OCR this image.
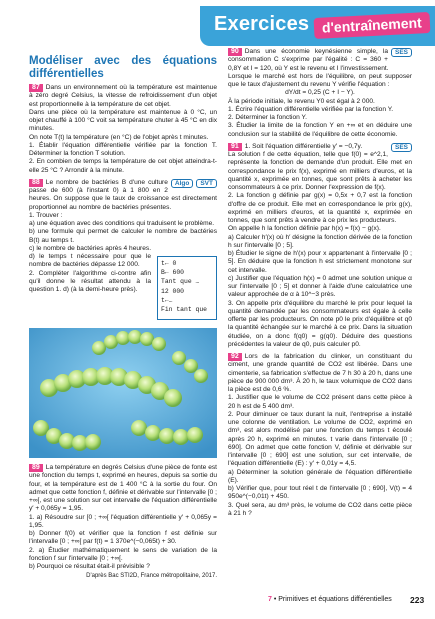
Exercices d'entraînement
Modéliser avec des équations différentielles

87 Dans un environnement où la température est maintenue à zéro degré Celsius, la vitesse de refroidissement d'un objet est proportionnelle à la température de cet objet.

Dans une pièce où la température est maintenue à 0 °C, un objet chauffé à 100 °C voit sa température chuter à 45 °C en dix minutes.

On note T(t) la température (en °C) de l'objet après t minutes.

1. Établir l'équation différentielle vérifiée par la fonction T. Déterminer la fonction T solution.

2. En combien de temps la température de cet objet atteindra-t-elle 25 °C ? Arrondir à la minute.

SVT
Algo
88 Le nombre de bactéries B d'une culture passe de 600 (à l'instant 0) à 1 800 en 2 heures. On suppose que le taux de croissance est directement proportionnel au nombre de bactéries présentes.

1. Trouver :

a) une équation avec des conditions qui traduisent le problème.

b) une formule qui permet de calculer le nombre de bactéries B(t) au temps t.

c) le nombre de bactéries après 4 heures.

t← 0
B← 600
Tant que …
12 000
t←…
Fin tant que

d) le temps t nécessaire pour que le nombre de bactéries dépasse 12 000.

2. Compléter l'algorithme ci-contre afin qu'il donne le résultat attendu à la question 1. d) (à la demi-heure près).

89 La température en degrés Celsius d'une pièce de fonte est une fonction du temps t, exprimé en heures, depuis sa sortie du four, et la température est de 1 400 °C à la sortie du four. On admet que cette fonction f, définie et dérivable sur l'intervalle [0 ; +∞[, est une solution sur cet intervalle de l'équation différentielle y′ + 0,065y = 1,95.

1. a) Résoudre sur [0 ; +∞[ l'équation différentielle y′ + 0,065y = 1,95.

b) Donner f(0) et vérifier que la fonction f est définie sur l'intervalle [0 ; +∞[ par f(t) = 1 370e^(−0,065t) + 30.

2. a) Étudier mathématiquement le sens de variation de la fonction f sur l'intervalle [0 ; +∞[.

b) Pourquoi ce résultat était-il prévisible ?

D'après Bac STI2D, France métropolitaine, 2017.

SES
90 Dans une économie keynésienne simple, la consommation C s'exprime par l'égalité : C = 360 + 0,8Y et I = 120, où Y est le revenu et I l'investissement.

Lorsque le marché est hors de l'équilibre, on peut supposer que le taux d'ajustement du revenu Y vérifie l'équation :

dY/dt = 0,25 (C + I − Y).

À la période initiale, le revenu Y0 est égal à 2 000.

1. Écrire l'équation différentielle vérifiée par la fonction Y.

2. Déterminer la fonction Y.

3. Étudier la limite de la fonction Y en +∞ et en déduire une conclusion sur la stabilité de l'équilibre de cette économie.

SES
91 1. Soit l'équation différentielle y′ = −0,7y.

La solution f de cette équation, telle que f(0) = e^2,1, représente la fonction de demande d'un produit. Elle met en correspondance le prix f(x), exprimé en milliers d'euros, et la quantité x, exprimée en tonnes, que sont prêts à acheter les consommateurs à ce prix. Donner l'expression de f(x).

2. La fonction g définie par g(x) = 0,5x + 0,7 est la fonction d'offre de ce produit. Elle met en correspondance le prix g(x), exprimé en milliers d'euros, et la quantité x, exprimée en tonnes, que sont prêts à vendre à ce prix les producteurs.

On appelle h la fonction définie par h(x) = f(x) − g(x).

a) Calculer h′(x) où h′ désigne la fonction dérivée de la fonction h sur l'intervalle [0 ; 5].

b) Étudier le signe de h′(x) pour x appartenant à l'intervalle [0 ; 5]. En déduire que la fonction h est strictement monotone sur cet intervalle.

c) Justifier que l'équation h(x) = 0 admet une solution unique α sur l'intervalle [0 ; 5] et donner à l'aide d'une calculatrice une valeur approchée de α à 10^−3 près.

3. On appelle prix d'équilibre du marché le prix pour lequel la quantité demandée par les consommateurs est égale à celle offerte par les producteurs. On note p0 le prix d'équilibre et q0 la quantité échangée sur le marché à ce prix. Dans la situation étudiée, on a donc f(q0) = g(q0). Déduire des questions précédentes la valeur de q0, puis calculer p0.

92 Lors de la fabrication du clinker, un constituant du ciment, une grande quantité de CO2 est libérée. Dans une cimenterie, sa fabrication s'effectue de 7 h 30 à 20 h, dans une pièce de 900 000 dm³. À 20 h, le taux volumique de CO2 dans la pièce est de 0,6 %.

1. Justifier que le volume de CO2 présent dans cette pièce à 20 h est de 5 400 dm³.

2. Pour diminuer ce taux durant la nuit, l'entreprise a installé une colonne de ventilation. Le volume de CO2, exprimé en dm³, est alors modélisé par une fonction du temps t écoulé après 20 h, exprimé en minutes. t varie dans l'intervalle [0 ; 690]. On admet que cette fonction V, définie et dérivable sur l'intervalle [0 ; 690] est une solution, sur cet intervalle, de l'équation différentielle (E) : y′ + 0,01y = 4,5.

a) Déterminer la solution générale de l'équation différentielle (E).

b) Vérifier que, pour tout réel t de l'intervalle [0 ; 690], V(t) = 4 950e^(−0,01t) + 450.

3. Quel sera, au dm³ près, le volume de CO2 dans cette pièce à 21 h ?

7 • Primitives et équations différentielles 223
